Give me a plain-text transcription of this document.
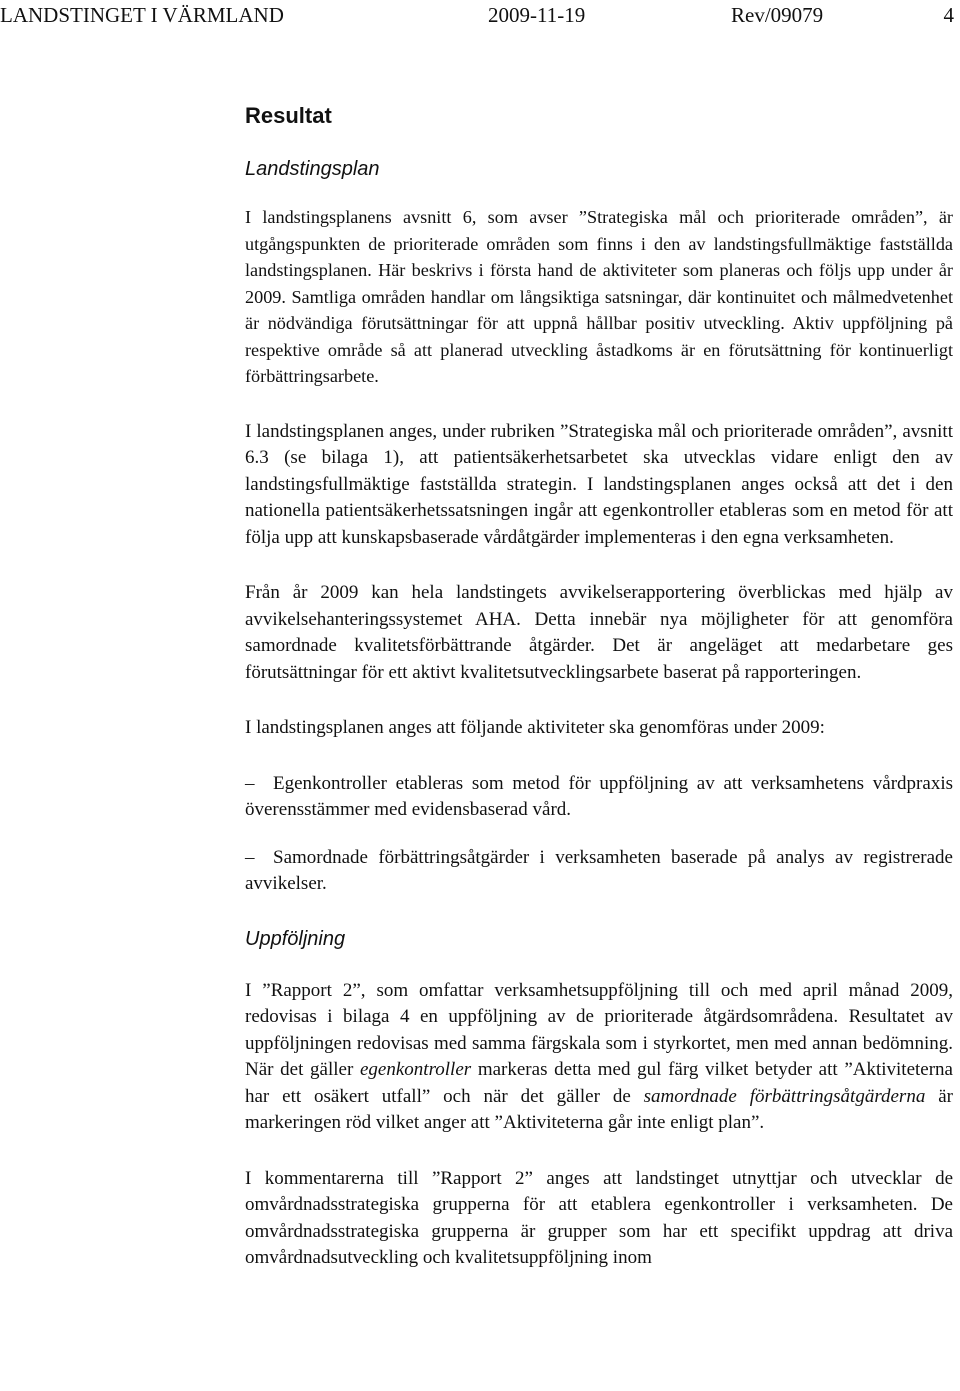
LANDSTINGET I VÄRMLAND	2009-11-19	Rev/09079	4
Resultat
Landstingsplan

I landstingsplanens avsnitt 6, som avser ”Strategiska mål och prioriterade områden”, är utgångspunkten de prioriterade områden som finns i den av landstingsfullmäktige fastställda landstingsplanen. Här beskrivs i första hand de aktiviteter som planeras och följs upp under år 2009. Samtliga områden handlar om långsiktiga satsningar, där kontinuitet och målmedvetenhet är nödvändiga förutsättningar för att uppnå hållbar positiv utveckling. Aktiv uppföljning på respektive område så att planerad utveckling åstadkoms är en förutsättning för kontinuerligt förbättringsarbete.

I landstingsplanen anges, under rubriken ”Strategiska mål och prioriterade områden”, avsnitt 6.3 (se bilaga 1), att patientsäkerhetsarbetet ska utvecklas vidare enligt den av landstingsfullmäktige fastställda strategin. I landstingsplanen anges också att det i den nationella patientsäkerhetssatsningen ingår att egenkontroller etableras som en metod för att följa upp att kunskapsbaserade vårdåtgärder implementeras i den egna verksamheten.

Från år 2009 kan hela landstingets avvikelserapportering överblickas med hjälp av avvikelsehanteringssystemet AHA. Detta innebär nya möjligheter för att genomföra samordnade kvalitetsförbättrande åtgärder. Det är angeläget att medarbetare ges förutsättningar för ett aktivt kvalitetsutvecklingsarbete baserat på rapporteringen.

I landstingsplanen anges att följande aktiviteter ska genomföras under 2009:

– Egenkontroller etableras som metod för uppföljning av att verksamhetens vårdpraxis överensstämmer med evidensbaserad vård.

– Samordnade förbättringsåtgärder i verksamheten baserade på analys av registrerade avvikelser.

Uppföljning

I ”Rapport 2”, som omfattar verksamhetsuppföljning till och med april månad 2009, redovisas i bilaga 4 en uppföljning av de prioriterade åtgärdsområdena. Resultatet av uppföljningen redovisas med samma färgskala som i styrkortet, men med annan bedömning. När det gäller egenkontroller markeras detta med gul färg vilket betyder att ”Aktiviteterna har ett osäkert utfall” och när det gäller de samordnade förbättringsåtgärderna är markeringen röd vilket anger att ”Aktiviteterna går inte enligt plan”.

I kommentarerna till ”Rapport 2” anges att landstinget utnyttjar och utvecklar de omvårdnadsstrategiska grupperna för att etablera egenkontroller i verksamheten. De omvårdnadsstrategiska grupperna är grupper som har ett specifikt uppdrag att driva omvårdnadsutveckling och kvalitetsuppföljning inom
